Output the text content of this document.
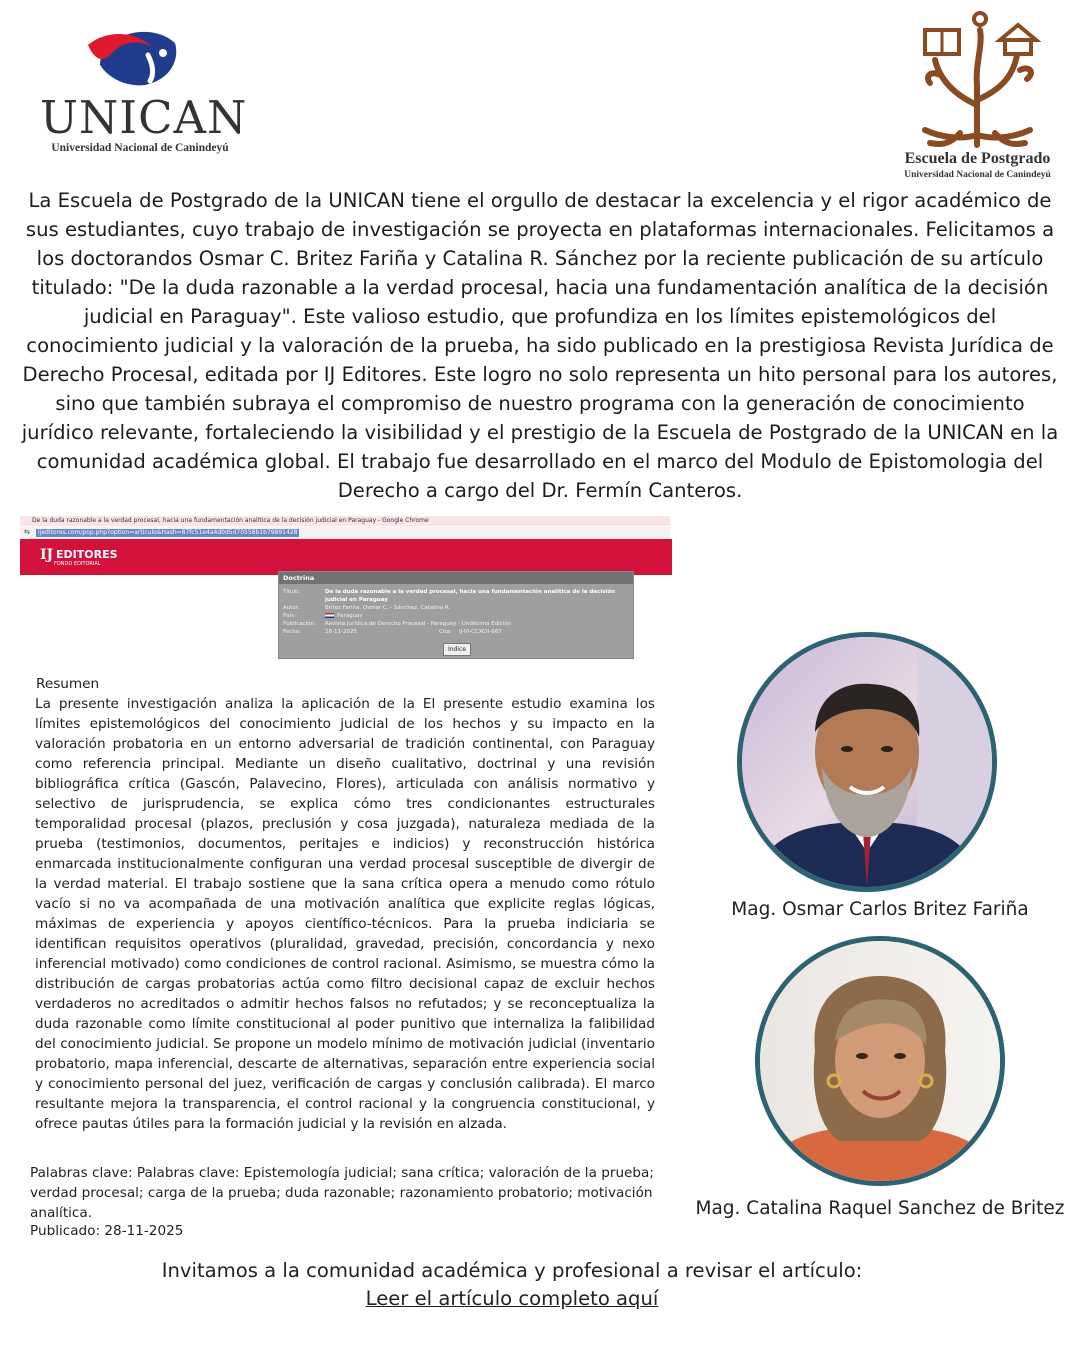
UNICAN
Universidad Nacional de Canindeyú
Escuela de Postgrado
Universidad Nacional de Canindeyú
La Escuela de Postgrado de la UNICAN tiene el orgullo de destacar la excelencia y el rigor académico de sus estudiantes, cuyo trabajo de investigación se proyecta en plataformas internacionales. Felicitamos a los doctorandos Osmar C. Britez Fariña y Catalina R. Sánchez por la reciente publicación de su artículo titulado: "De la duda razonable a la verdad procesal, hacia una fundamentación analítica de la decisión judicial en Paraguay". Este valioso estudio, que profundiza en los límites epistemológicos del conocimiento judicial y la valoración de la prueba, ha sido publicado en la prestigiosa Revista Jurídica de Derecho Procesal, editada por IJ Editores. Este logro no solo representa un hito personal para los autores, sino que también subraya el compromiso de nuestro programa con la generación de conocimiento jurídico relevante, fortaleciendo la visibilidad y el prestigio de la Escuela de Postgrado de la UNICAN en la comunidad académica global. El trabajo fue desarrollado en el marco del Modulo de Epistomologia del Derecho a cargo del Dr. Fermín Canteros.
De la duda razonable a la verdad procesal, hacia una fundamentación analítica de la decisión judicial en Paraguay - Google Chrome
⇆	ijeditores.com/pop.php?option=articulo&Hash=87fc51e4a4d0d5d70558b1b79891428
IJ EDITORES
FONDO EDITORIAL
Doctrina
Título:	De la duda razonable a la verdad procesal, hacia una fundamentación analítica de la decisión
judicial en Paraguay
Autor:	Britez Fariña, Osmar C. - Sánchez, Catalina R.
País:	Paraguay
Publicación: Revista Jurídica de Derecho Procesal - Paraguay - Undécima Edición
Fecha:	28-11-2025	Cita: IJ-VI-CCXCII-667
Indice
Resumen
La presente investigación analiza la aplicación de la El presente estudio examina los límites epistemológicos del conocimiento judicial de los hechos y su impacto en la valoración probatoria en un entorno adversarial de tradición continental, con Paraguay como referencia principal. Mediante un diseño cualitativo, doctrinal y una revisión bibliográfica crítica (Gascón, Palavecino, Flores), articulada con análisis normativo y selectivo de jurisprudencia, se explica cómo tres condicionantes estructurales temporalidad procesal (plazos, preclusión y cosa juzgada), naturaleza mediada de la prueba (testimonios, documentos, peritajes e indicios) y reconstrucción histórica enmarcada institucionalmente configuran una verdad procesal susceptible de divergir de la verdad material. El trabajo sostiene que la sana crítica opera a menudo como rótulo vacío si no va acompañada de una motivación analítica que explicite reglas lógicas, máximas de experiencia y apoyos científico-técnicos. Para la prueba indiciaria se identifican requisitos operativos (pluralidad, gravedad, precisión, concordancia y nexo inferencial motivado) como condiciones de control racional. Asimismo, se muestra cómo la distribución de cargas probatorias actúa como filtro decisional capaz de excluir hechos verdaderos no acreditados o admitir hechos falsos no refutados; y se reconceptualiza la duda razonable como límite constitucional al poder punitivo que internaliza la falibilidad del conocimiento judicial. Se propone un modelo mínimo de motivación judicial (inventario probatorio, mapa inferencial, descarte de alternativas, separación entre experiencia social y conocimiento personal del juez, verificación de cargas y conclusión calibrada). El marco resultante mejora la transparencia, el control racional y la congruencia constitucional, y ofrece pautas útiles para la formación judicial y la revisión en alzada.
Palabras clave: Palabras clave: Epistemología judicial; sana crítica; valoración de la prueba; verdad procesal; carga de la prueba; duda razonable; razonamiento probatorio; motivación analítica.
Publicado: 28-11-2025
Mag. Osmar Carlos Britez Fariña
Mag. Catalina Raquel Sanchez de Britez
Invitamos a la comunidad académica y profesional a revisar el artículo:
Leer el artículo completo aquí
